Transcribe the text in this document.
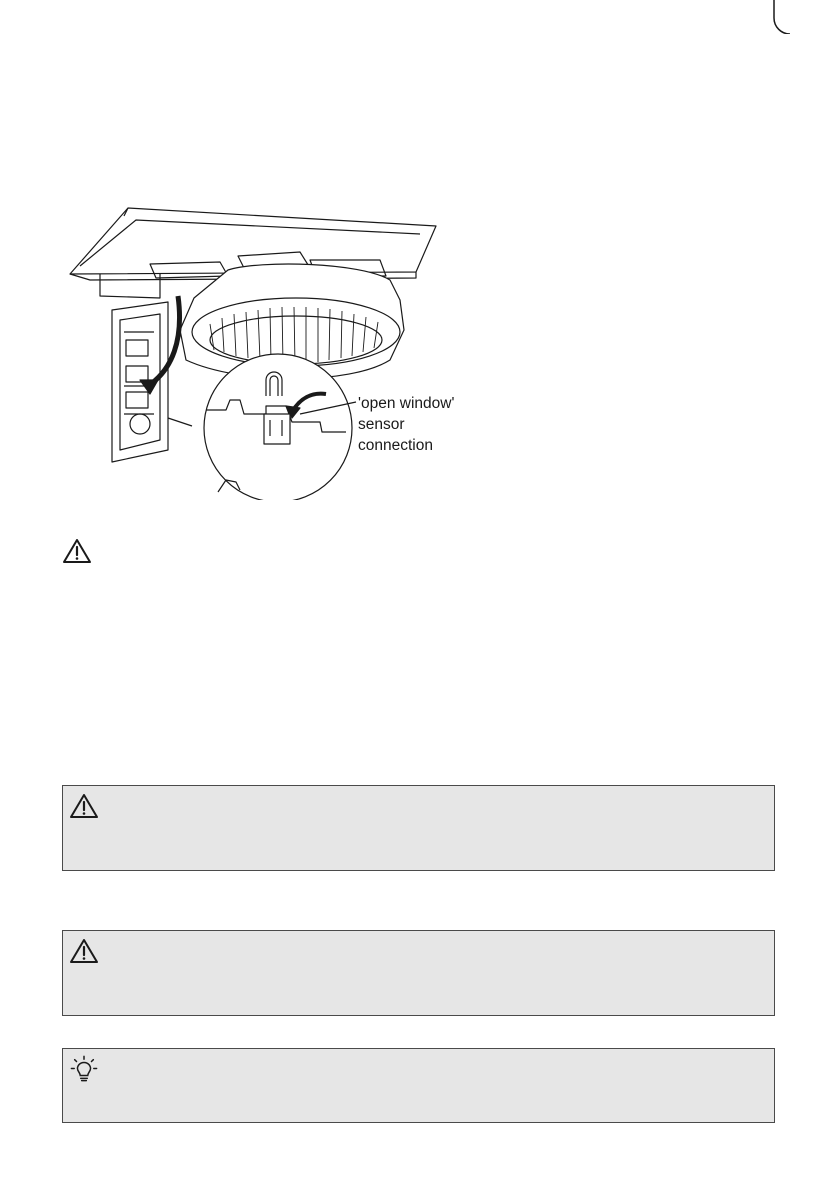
'open window'
sensor
connection
